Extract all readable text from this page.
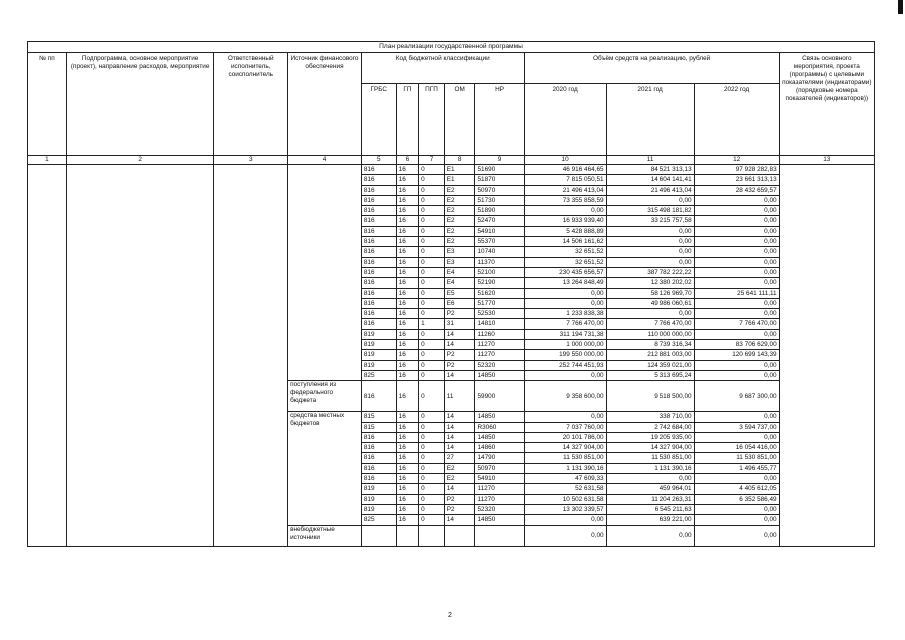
План реализации государственной программы												
№ пп	Подпрограмма, основное мероприятие (проект), направление расходов, мероприятие	Ответственный исполнитель, соисполнитель	Источник финансового обеспечения	Код бюджетной классификации					Объём средств на реализацию, рублей			Связь основного мероприятия, проекта (программы) с целевыми показателями (индикаторами) (порядковые номера показателей (индикаторов))
				ГРБС	ГП	ПГП	ОМ	НР	2020 год	2021 год	2022 год	
1	2	3	4	5	6	7	8	9	10	11	12	13
				816	16	0	E1	51690	46 916 464,65	84 521 313,13	97 928 282,83	
				816	16	0	E1	51870	7 815 050,51	14 604 141,41	23 661 313,13	
				816	16	0	E2	50970	21 496 413,04	21 496 413,04	28 432 659,57	
				816	16	0	E2	51730	73 355 858,59	0,00	0,00	
				816	16	0	E2	51890	0,00	315 498 181,82	0,00	
				816	16	0	E2	52470	16 933 939,40	33 215 757,58	0,00	
				816	16	0	E2	54910	5 428 888,89	0,00	0,00	
				816	16	0	E2	55370	14 506 161,62	0,00	0,00	
				816	16	0	E3	10740	32 651,52	0,00	0,00	
				816	16	0	E3	11370	32 651,52	0,00	0,00	
				816	16	0	E4	52100	230 435 656,57	387 782 222,22	0,00	
				816	16	0	E4	52190	13 264 848,49	12 380 202,02	0,00	
				816	16	0	E5	51620	0,00	58 126 969,70	25 641 111,11	
				816	16	0	E6	51770	0,00	49 986 060,61	0,00	
				816	16	0	P2	52530	1 233 838,38	0,00	0,00	
				816	16	1	31	14810	7 766 470,00	7 766 470,00	7 766 470,00	
				819	16	0	14	11260	311 194 731,38	110 000 000,00	0,00	
				819	16	0	14	11270	1 000 000,00	8 739 316,34	83 706 629,00	
				819	16	0	P2	11270	199 550 000,00	212 881 003,00	120 699 143,39	
				819	16	0	P2	52320	252 744 451,93	124 359 021,00	0,00	
				825	16	0	14	14850	0,00	5 313 695,24	0,00	
			поступления из федерального бюджета	816	16	0	11	59900	9 358 600,00	9 518 500,00	9 687 300,00	
			средства местных бюджетов	815	16	0	14	14850	0,00	338 710,00	0,00	
				815	16	0	14	R3060	7 037 760,00	2 742 684,00	3 594 737,00	
				816	16	0	14	14850	20 101 786,00	19 205 935,00	0,00	
				816	16	0	14	14860	14 327 904,00	14 327 904,00	16 054 416,00	
				816	16	0	27	14790	11 530 851,00	11 530 851,00	11 530 851,00	
				816	16	0	E2	50970	1 131 390,16	1 131 390,16	1 496 455,77	
				816	16	0	E2	54910	47 609,33	0,00	0,00	
				819	16	0	14	11270	52 631,58	459 964,01	4 405 612,05	
				819	16	0	P2	11270	10 502 631,58	11 204 263,31	6 352 586,49	
				819	16	0	P2	52320	13 302 339,57	6 545 211,63	0,00	
				825	16	0	14	14850	0,00	639 221,00	0,00	
			внебюджетные источники						0,00	0,00	0,00	
2
